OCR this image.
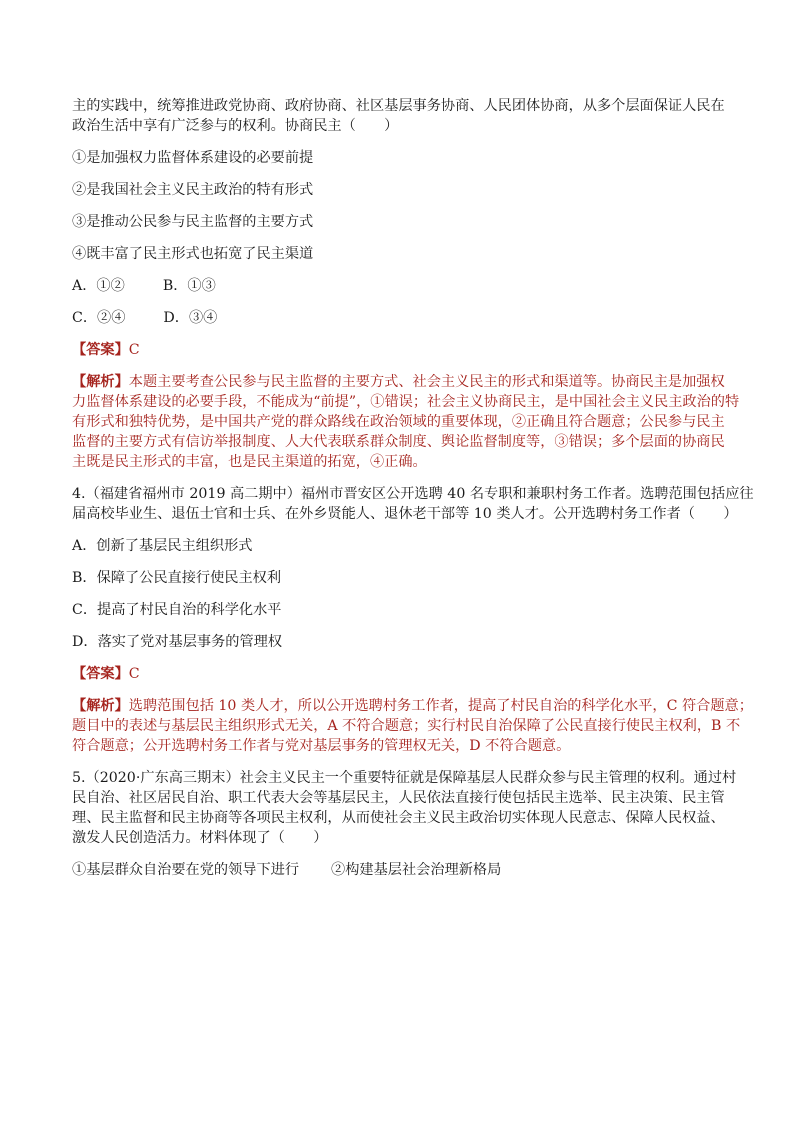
主的实践中，统筹推进政党协商、政府协商、社区基层事务协商、人民团体协商，从多个层面保证人民在

政治生活中享有广泛参与的权利。协商民主（　　）

①是加强权力监督体系建设的必要前提

②是我国社会主义民主政治的特有形式

③是推动公民参与民主监督的主要方式

④既丰富了民主形式也拓宽了民主渠道

A．①②	B．①③

C．②④	D．③④

【答案】C

【解析】本题主要考查公民参与民主监督的主要方式、社会主义民主的形式和渠道等。协商民主是加强权

力监督体系建设的必要手段，不能成为“前提”，①错误；社会主义协商民主，是中国社会主义民主政治的特

有形式和独特优势，是中国共产党的群众路线在政治领域的重要体现，②正确且符合题意；公民参与民主

监督的主要方式有信访举报制度、人大代表联系群众制度、舆论监督制度等，③错误；多个层面的协商民

主既是民主形式的丰富，也是民主渠道的拓宽，④正确。

4.（福建省福州市 2019 高二期中）福州市晋安区公开选聘 40 名专职和兼职村务工作者。选聘范围包括应往

届高校毕业生、退伍士官和士兵、在外乡贤能人、退休老干部等 10 类人才。公开选聘村务工作者（　　）

A．创新了基层民主组织形式

B．保障了公民直接行使民主权利

C．提高了村民自治的科学化水平

D．落实了党对基层事务的管理权

【答案】C

【解析】选聘范围包括 10 类人才，所以公开选聘村务工作者，提高了村民自治的科学化水平，C 符合题意；

题目中的表述与基层民主组织形式无关，A 不符合题意；实行村民自治保障了公民直接行使民主权利，B 不

符合题意；公开选聘村务工作者与党对基层事务的管理权无关，D 不符合题意。

5.（2020·广东高三期末）社会主义民主一个重要特征就是保障基层人民群众参与民主管理的权利。通过村

民自治、社区居民自治、职工代表大会等基层民主，人民依法直接行使包括民主选举、民主决策、民主管

理、民主监督和民主协商等各项民主权利，从而使社会主义民主政治切实体现人民意志、保障人民权益、

激发人民创造活力。材料体现了（　　）

①基层群众自治要在党的领导下进行 ②构建基层社会治理新格局
